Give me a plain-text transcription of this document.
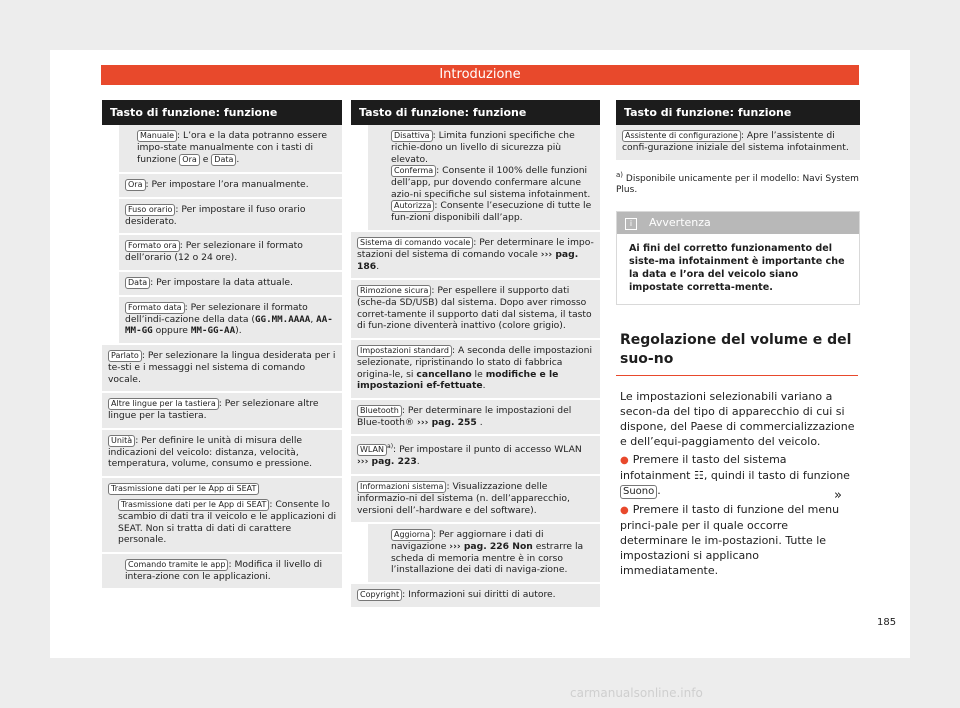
Introduzione
Tasto di funzione: funzione
Manuale : L’ora e la data potranno essere impo-state manualmente con i tasti di funzione Ora e Data .
Ora : Per impostare l’ora manualmente.
Fuso orario : Per impostare il fuso orario desiderato.
Formato ora : Per selezionare il formato dell’orario (12 o 24 ore).
Data : Per impostare la data attuale.
Formato data : Per selezionare il formato dell’indi-cazione della data (GG.MM.AAAA, AA-MM-GG oppure MM-GG-AA).
Parlato : Per selezionare la lingua desiderata per i te-sti e i messaggi nel sistema di comando vocale.
Altre lingue per la tastiera : Per selezionare altre lingue per la tastiera.
Unità : Per definire le unità di misura delle indicazioni del veicolo: distanza, velocità, temperatura, volume, consumo e pressione.
Trasmissione dati per le App di SEAT
Trasmissione dati per le App di SEAT : Consente lo scambio di dati tra il veicolo e le applicazioni di SEAT. Non si tratta di dati di carattere personale.
Comando tramite le app : Modifica il livello di intera-zione con le applicazioni.
Tasto di funzione: funzione
Disattiva : Limita funzioni specifiche che richie-dono un livello di sicurezza più elevato.
Conferma : Consente il 100% delle funzioni dell’app, pur dovendo confermare alcune azio-ni specifiche sul sistema infotainment.
Autorizza : Consente l’esecuzione di tutte le fun-zioni disponibili dall’app.
Sistema di comando vocale : Per determinare le impo-stazioni del sistema di comando vocale ››› pag. 186.
Rimozione sicura : Per espellere il supporto dati (sche-da SD/USB) dal sistema. Dopo aver rimosso corret-tamente il supporto dati dal sistema, il tasto di fun-zione diventerà inattivo (colore grigio).
Impostazioni standard : A seconda delle impostazioni selezionate, ripristinando lo stato di fabbrica origina-le, si cancellano le modifiche e le impostazioni ef-fettuate.
Bluetooth : Per determinare le impostazioni del Blue-tooth® ››› pag. 255 .
WLAN $^{a)}$: Per impostare il punto di accesso WLAN ››› pag. 223.
Informazioni sistema : Visualizzazione delle informazio-ni del sistema (n. dell’apparecchio, versioni dell’-hardware e del software).
Aggiorna : Per aggiornare i dati di navigazione ››› pag. 226 Non estrarre la scheda di memoria mentre è in corso l’installazione dei dati di naviga-zione.
Copyright : Informazioni sui diritti di autore.
Tasto di funzione: funzione
Assistente di configurazione : Apre l’assistente di confi-gurazione iniziale del sistema infotainment.
$^{a)}$ Disponibile unicamente per il modello: Navi System Plus.
i Avvertenza
Ai fini del corretto funzionamento del siste-ma infotainment è importante che la data e l’ora del veicolo siano impostate corretta-mente.
Regolazione del volume e del suo-no
Le impostazioni selezionabili variano a secon-da del tipo di apparecchio di cui si dispone, del Paese di commercializzazione e dell’equi-paggiamento del veicolo.
● Premere il tasto del sistema infotainment ☷, quindi il tasto di funzione Suono .
● Premere il tasto di funzione del menu princi-pale per il quale occorre determinare le im-postazioni. Tutte le impostazioni si applicano immediatamente.
»
185
carmanualsonline.info
